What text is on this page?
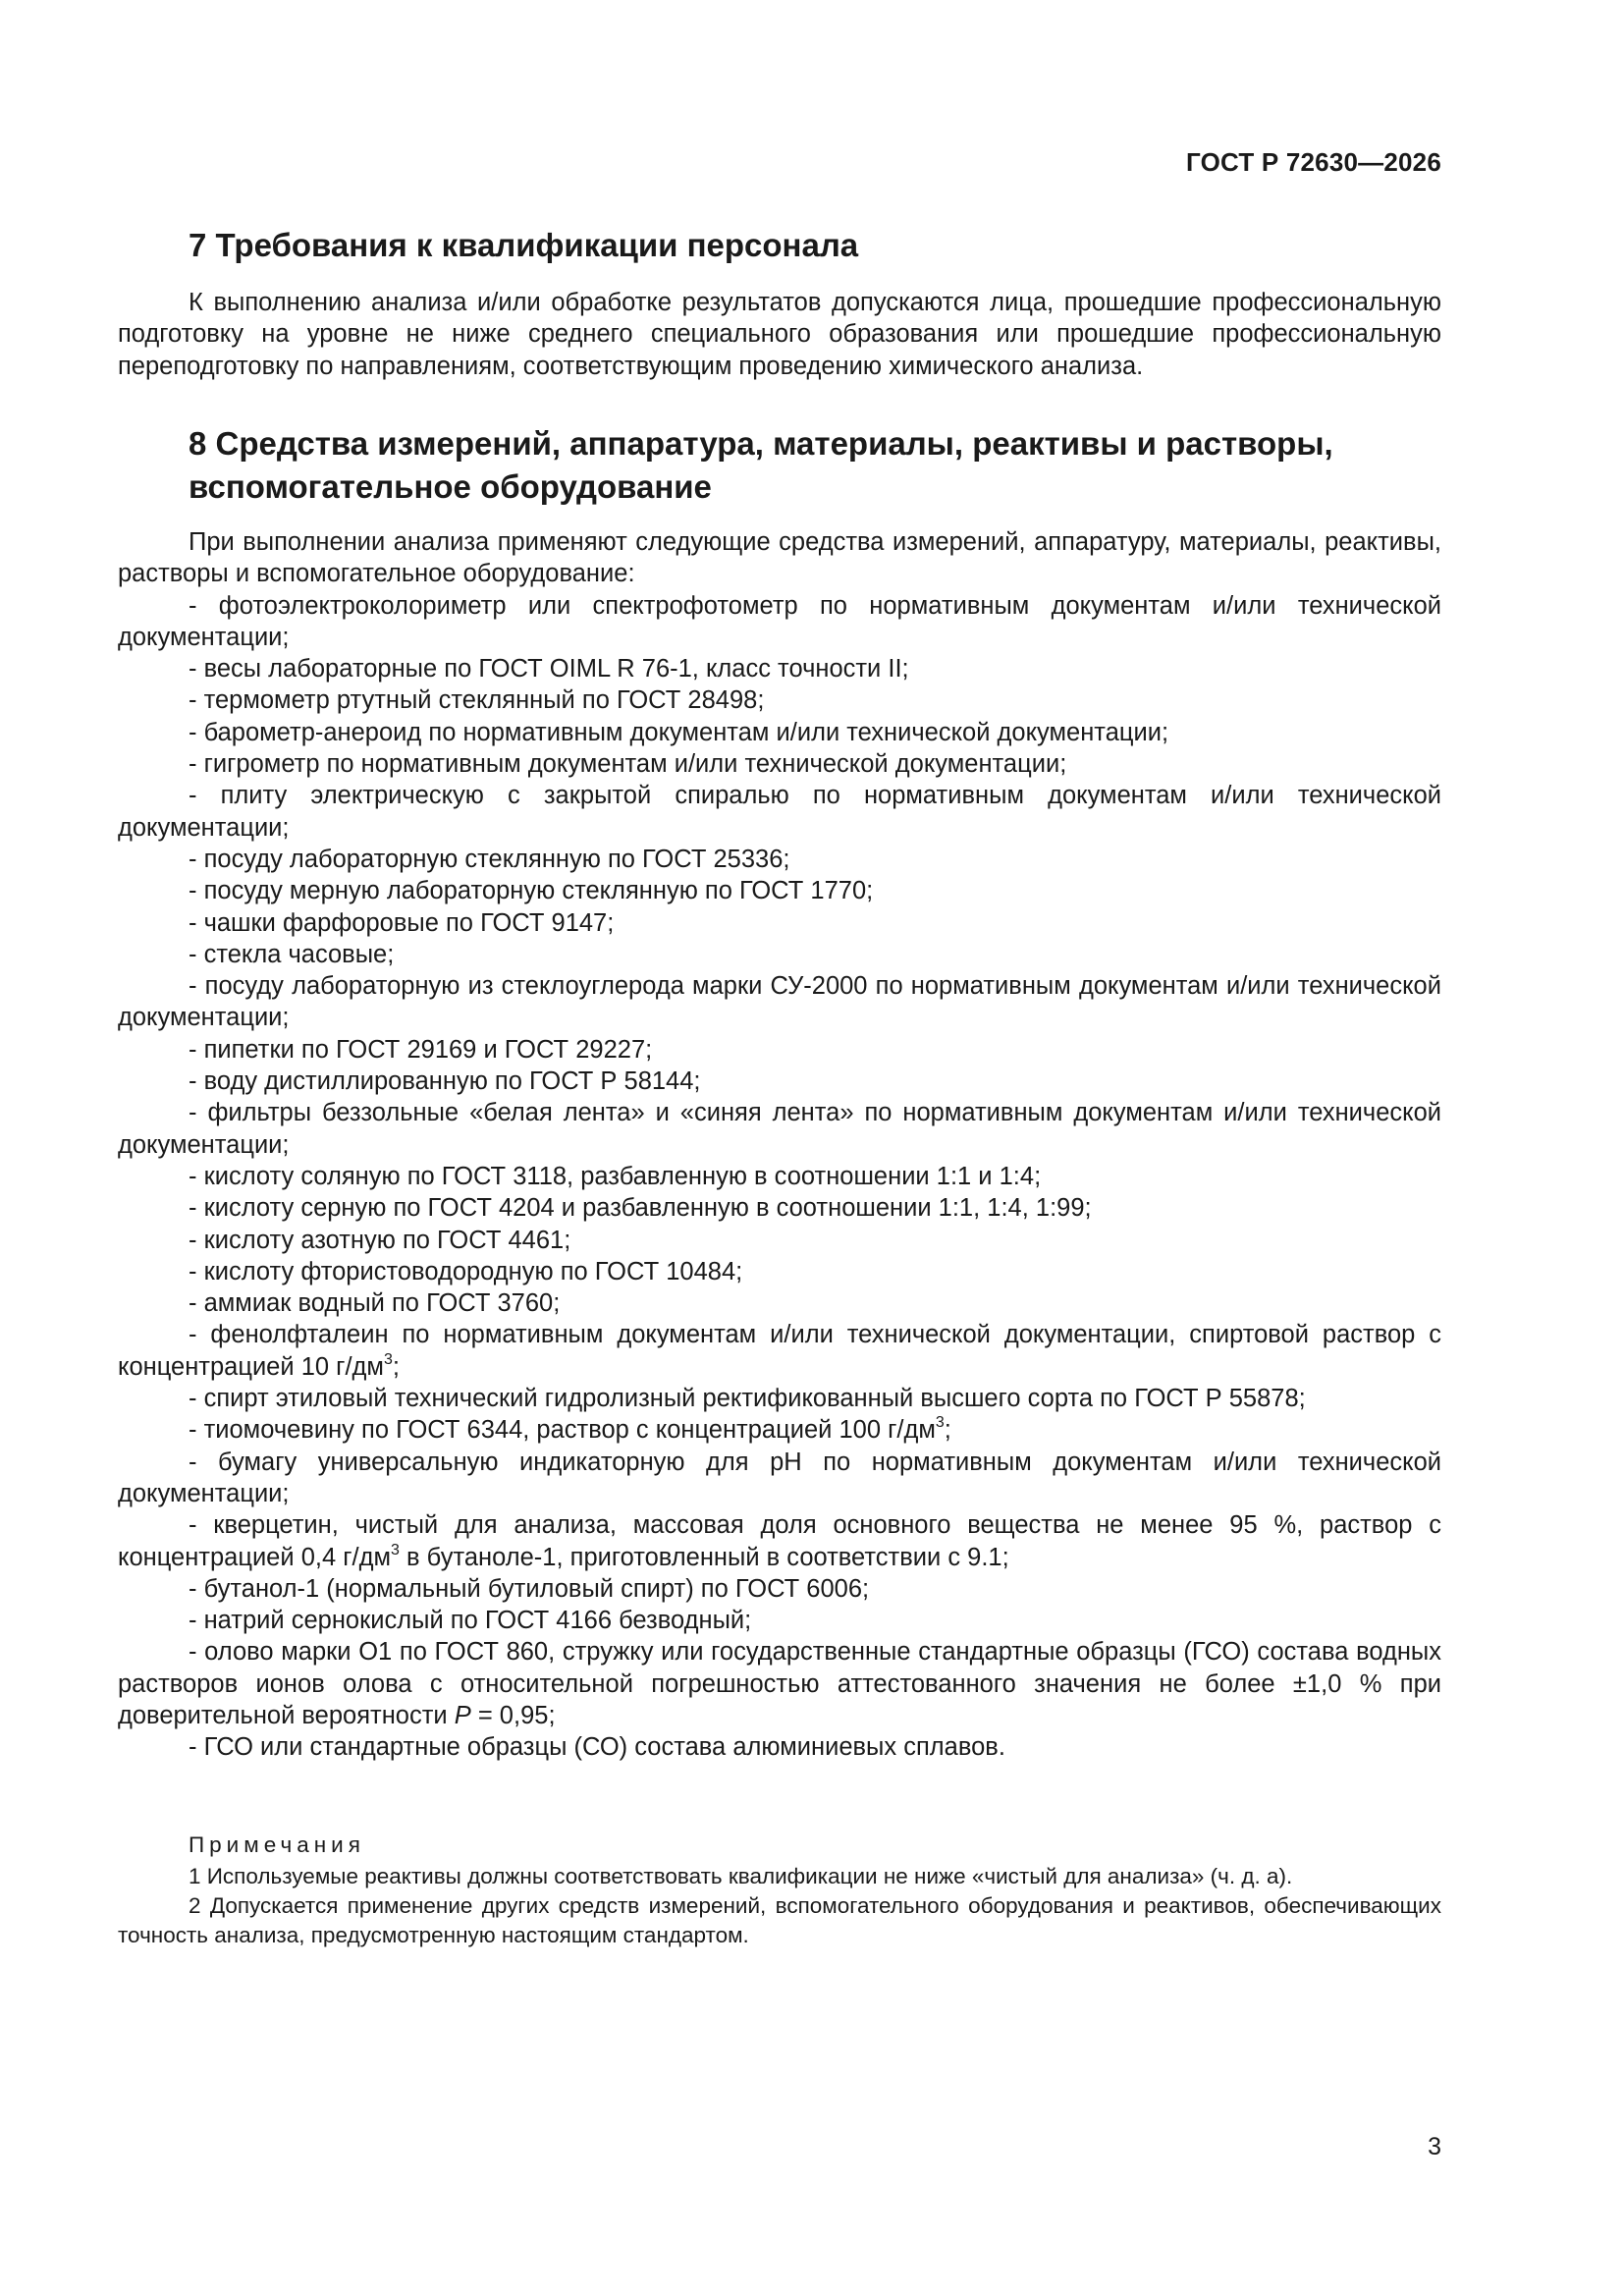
ГОСТ Р 72630—2026
7 Требования к квалификации персонала

К выполнению анализа и/или обработке результатов допускаются лица, прошедшие профессиональную подготовку на уровне не ниже среднего специального образования или прошедшие профессиональную переподготовку по направлениям, соответствующим проведению химического анализа.

8 Средства измерений, аппаратура, материалы, реактивы и растворы,
вспомогательное оборудование

При выполнении анализа применяют следующие средства измерений, аппаратуру, материалы, реактивы, растворы и вспомогательное оборудование:

- фотоэлектроколориметр или спектрофотометр по нормативным документам и/или технической документации;

- весы лабораторные по ГОСТ OIML R 76-1, класс точности II;

- термометр ртутный стеклянный по ГОСТ 28498;

- барометр-анероид по нормативным документам и/или технической документации;

- гигрометр по нормативным документам и/или технической документации;

- плиту электрическую с закрытой спиралью по нормативным документам и/или технической документации;

- посуду лабораторную стеклянную по ГОСТ 25336;

- посуду мерную лабораторную стеклянную по ГОСТ 1770;

- чашки фарфоровые по ГОСТ 9147;

- стекла часовые;

- посуду лабораторную из стеклоуглерода марки СУ-2000 по нормативным документам и/или технической документации;

- пипетки по ГОСТ 29169 и ГОСТ 29227;

- воду дистиллированную по ГОСТ Р 58144;

- фильтры беззольные «белая лента» и «синяя лента» по нормативным документам и/или технической документации;

- кислоту соляную по ГОСТ 3118, разбавленную в соотношении 1:1 и 1:4;

- кислоту серную по ГОСТ 4204 и разбавленную в соотношении 1:1, 1:4, 1:99;

- кислоту азотную по ГОСТ 4461;

- кислоту фтористоводородную по ГОСТ 10484;

- аммиак водный по ГОСТ 3760;

- фенолфталеин по нормативным документам и/или технической документации, спиртовой раствор с концентрацией 10 $г/дм^3$;

- спирт этиловый технический гидролизный ректификованный высшего сорта по ГОСТ Р 55878;

- тиомочевину по ГОСТ 6344, раствор с концентрацией 100 $г/дм^3$;

- бумагу универсальную индикаторную для рН по нормативным документам и/или технической документации;

- кверцетин, чистый для анализа, массовая доля основного вещества не менее 95 %, раствор с концентрацией 0,4 $г/дм^3$ в бутаноле-1, приготовленный в соответствии с 9.1;

- бутанол-1 (нормальный бутиловый спирт) по ГОСТ 6006;

- натрий сернокислый по ГОСТ 4166 безводный;

- олово марки О1 по ГОСТ 860, стружку или государственные стандартные образцы (ГСО) состава водных растворов ионов олова с относительной погрешностью аттестованного значения не более ±1,0 % при доверительной вероятности P = 0,95;

- ГСО или стандартные образцы (СО) состава алюминиевых сплавов.

Примечания

1 Используемые реактивы должны соответствовать квалификации не ниже «чистый для анализа» (ч. д. а).

2 Допускается применение других средств измерений, вспомогательного оборудования и реактивов, обеспечивающих точность анализа, предусмотренную настоящим стандартом.

3
